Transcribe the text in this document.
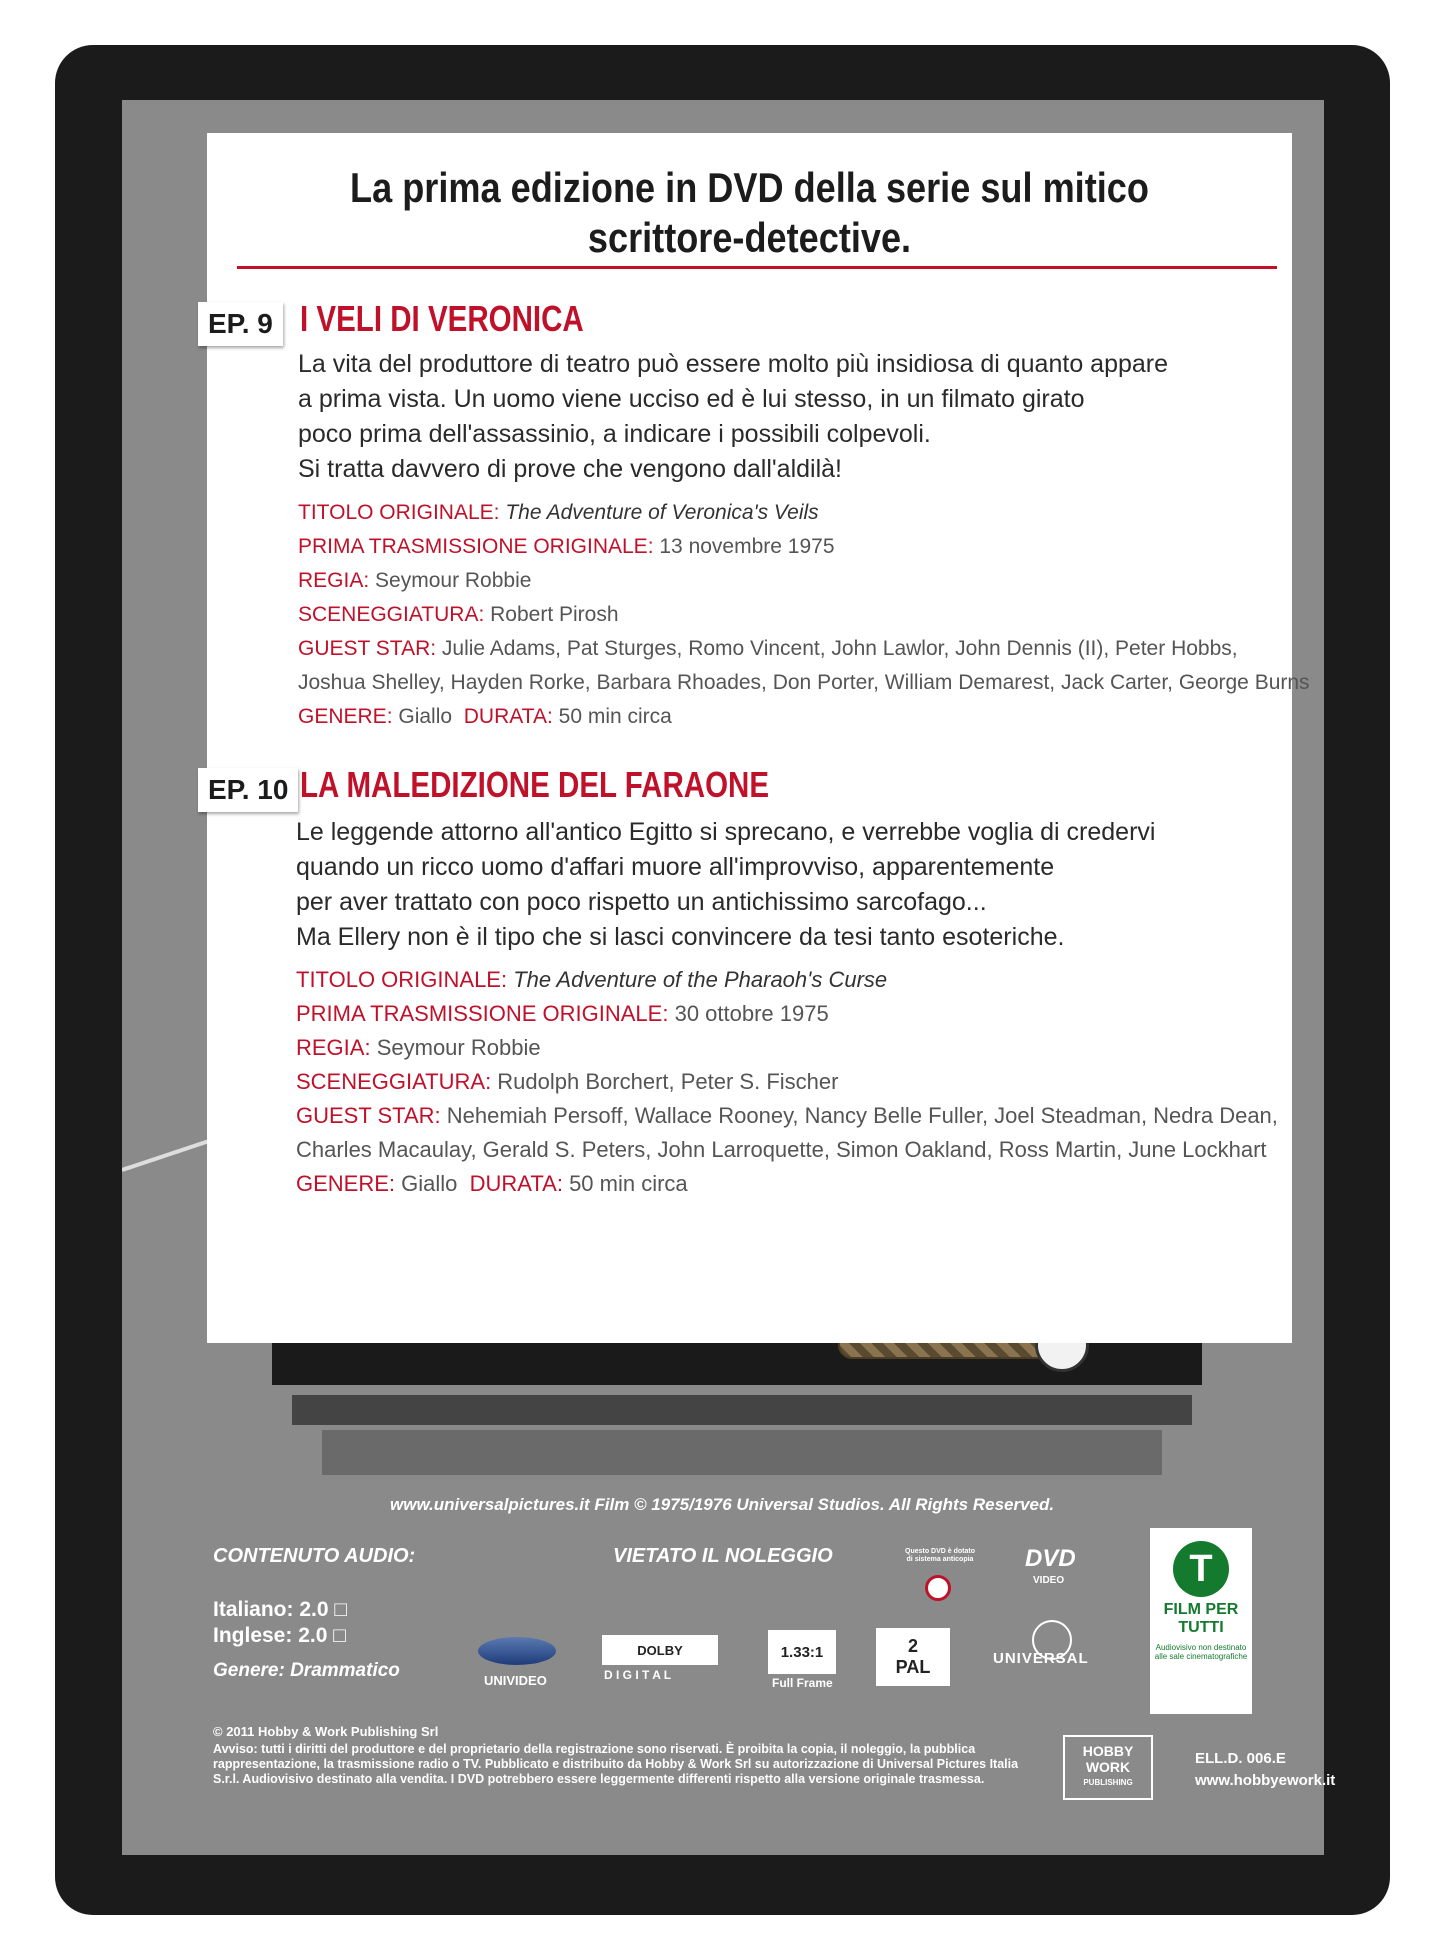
La prima edizione in DVD della serie sul mitico
scrittore-detective.
EP. 9 I VELI DI VERONICA
La vita del produttore di teatro può essere molto più insidiosa di quanto appare
a prima vista. Un uomo viene ucciso ed è lui stesso, in un filmato girato
poco prima dell'assassinio, a indicare i possibili colpevoli.
Si tratta davvero di prove che vengono dall'aldilà!
TITOLO ORIGINALE: The Adventure of Veronica's Veils
PRIMA TRASMISSIONE ORIGINALE: 13 novembre 1975
REGIA: Seymour Robbie
SCENEGGIATURA: Robert Pirosh
GUEST STAR: Julie Adams, Pat Sturges, Romo Vincent, John Lawlor, John Dennis (II), Peter Hobbs,
Joshua Shelley, Hayden Rorke, Barbara Rhoades, Don Porter, William Demarest, Jack Carter, George Burns
GENERE: Giallo DURATA: 50 min circa
EP. 10 LA MALEDIZIONE DEL FARAONE
Le leggende attorno all'antico Egitto si sprecano, e verrebbe voglia di credervi
quando un ricco uomo d'affari muore all'improvviso, apparentemente
per aver trattato con poco rispetto un antichissimo sarcofago...
Ma Ellery non è il tipo che si lasci convincere da tesi tanto esoteriche.
TITOLO ORIGINALE: The Adventure of the Pharaoh's Curse
PRIMA TRASMISSIONE ORIGINALE: 30 ottobre 1975
REGIA: Seymour Robbie
SCENEGGIATURA: Rudolph Borchert, Peter S. Fischer
GUEST STAR: Nehemiah Persoff, Wallace Rooney, Nancy Belle Fuller, Joel Steadman, Nedra Dean,
Charles Macaulay, Gerald S. Peters, John Larroquette, Simon Oakland, Ross Martin, June Lockhart
GENERE: Giallo DURATA: 50 min circa
www.universalpictures.it Film © 1975/1976 Universal Studios. All Rights Reserved.
CONTENUTO AUDIO:
Italiano: 2.0 □
Inglese: 2.0 □
Genere: Drammatico
VIETATO IL NOLEGGIO	Questo DVD è dotato di sistema anticopia DVD
VIDEO
UNIVIDEO
DOLBY
D I G I T A L
1.33:1
Full Frame
2
PAL	UNIVERSAL
T
FILM PER TUTTI
Audiovisivo non destinato alle sale cinematografiche
© 2011 Hobby & Work Publishing Srl
Avviso: tutti i diritti del produttore e del proprietario della registrazione sono riservati. È proibita la copia, il noleggio, la pubblica rappresentazione, la trasmissione radio o TV. Pubblicato e distribuito da Hobby & Work Srl su autorizzazione di Universal Pictures Italia S.r.l. Audiovisivo destinato alla vendita. I DVD potrebbero essere leggermente differenti rispetto alla versione originale trasmessa.
HOBBY WORK
PUBLISHING
ELL.D. 006.E
www.hobbyework.it
